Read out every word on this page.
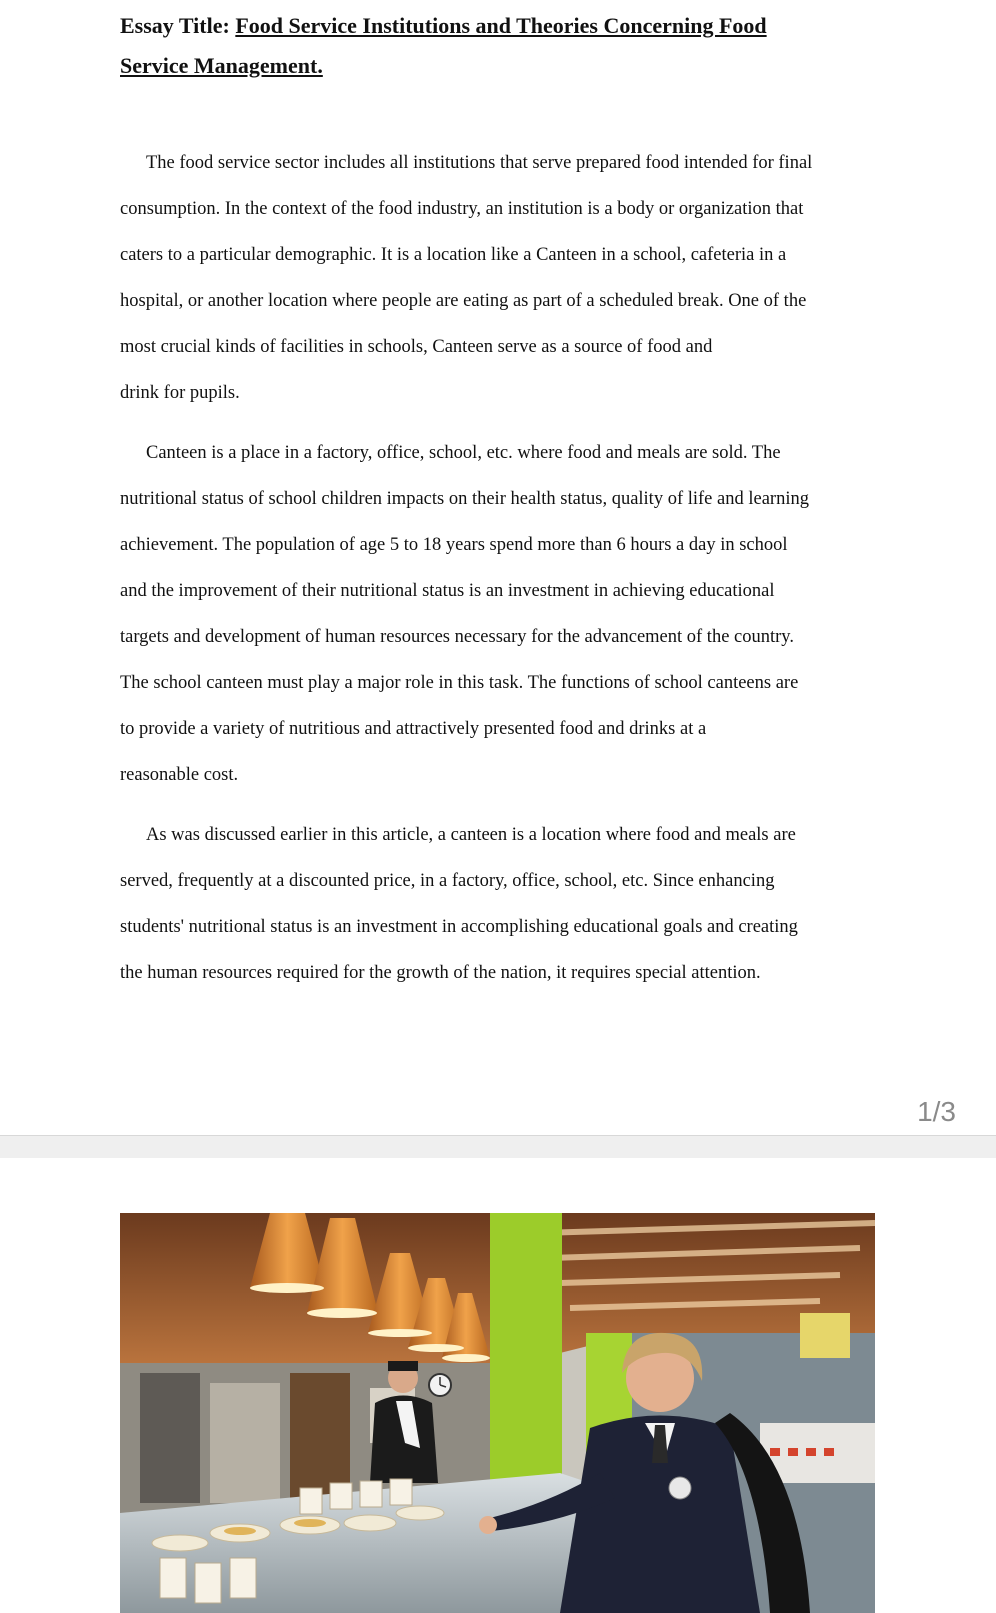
Essay Title: Food Service Institutions and Theories Concerning Food
Service Management.
The food service sector includes all institutions that serve prepared food intended for final
consumption. In the context of the food industry, an institution is a body or organization that
caters to a particular demographic. It is a location like a Canteen in a school, cafeteria in a
hospital, or another location where people are eating as part of a scheduled break. One of the
most crucial kinds of facilities in schools, Canteen serve as a source of food and
drink for pupils.
Canteen is a place in a factory, office, school, etc. where food and meals are sold. The
nutritional status of school children impacts on their health status, quality of life and learning
achievement. The population of age 5 to 18 years spend more than 6 hours a day in school
and the improvement of their nutritional status is an investment in achieving educational
targets and development of human resources necessary for the advancement of the country.
The school canteen must play a major role in this task. The functions of school canteens are
to provide a variety of nutritious and attractively presented food and drinks at a
reasonable cost.
As was discussed earlier in this article, a canteen is a location where food and meals are
served, frequently at a discounted price, in a factory, office, school, etc. Since enhancing
students' nutritional status is an investment in accomplishing educational goals and creating
the human resources required for the growth of the nation, it requires special attention.
1/3
